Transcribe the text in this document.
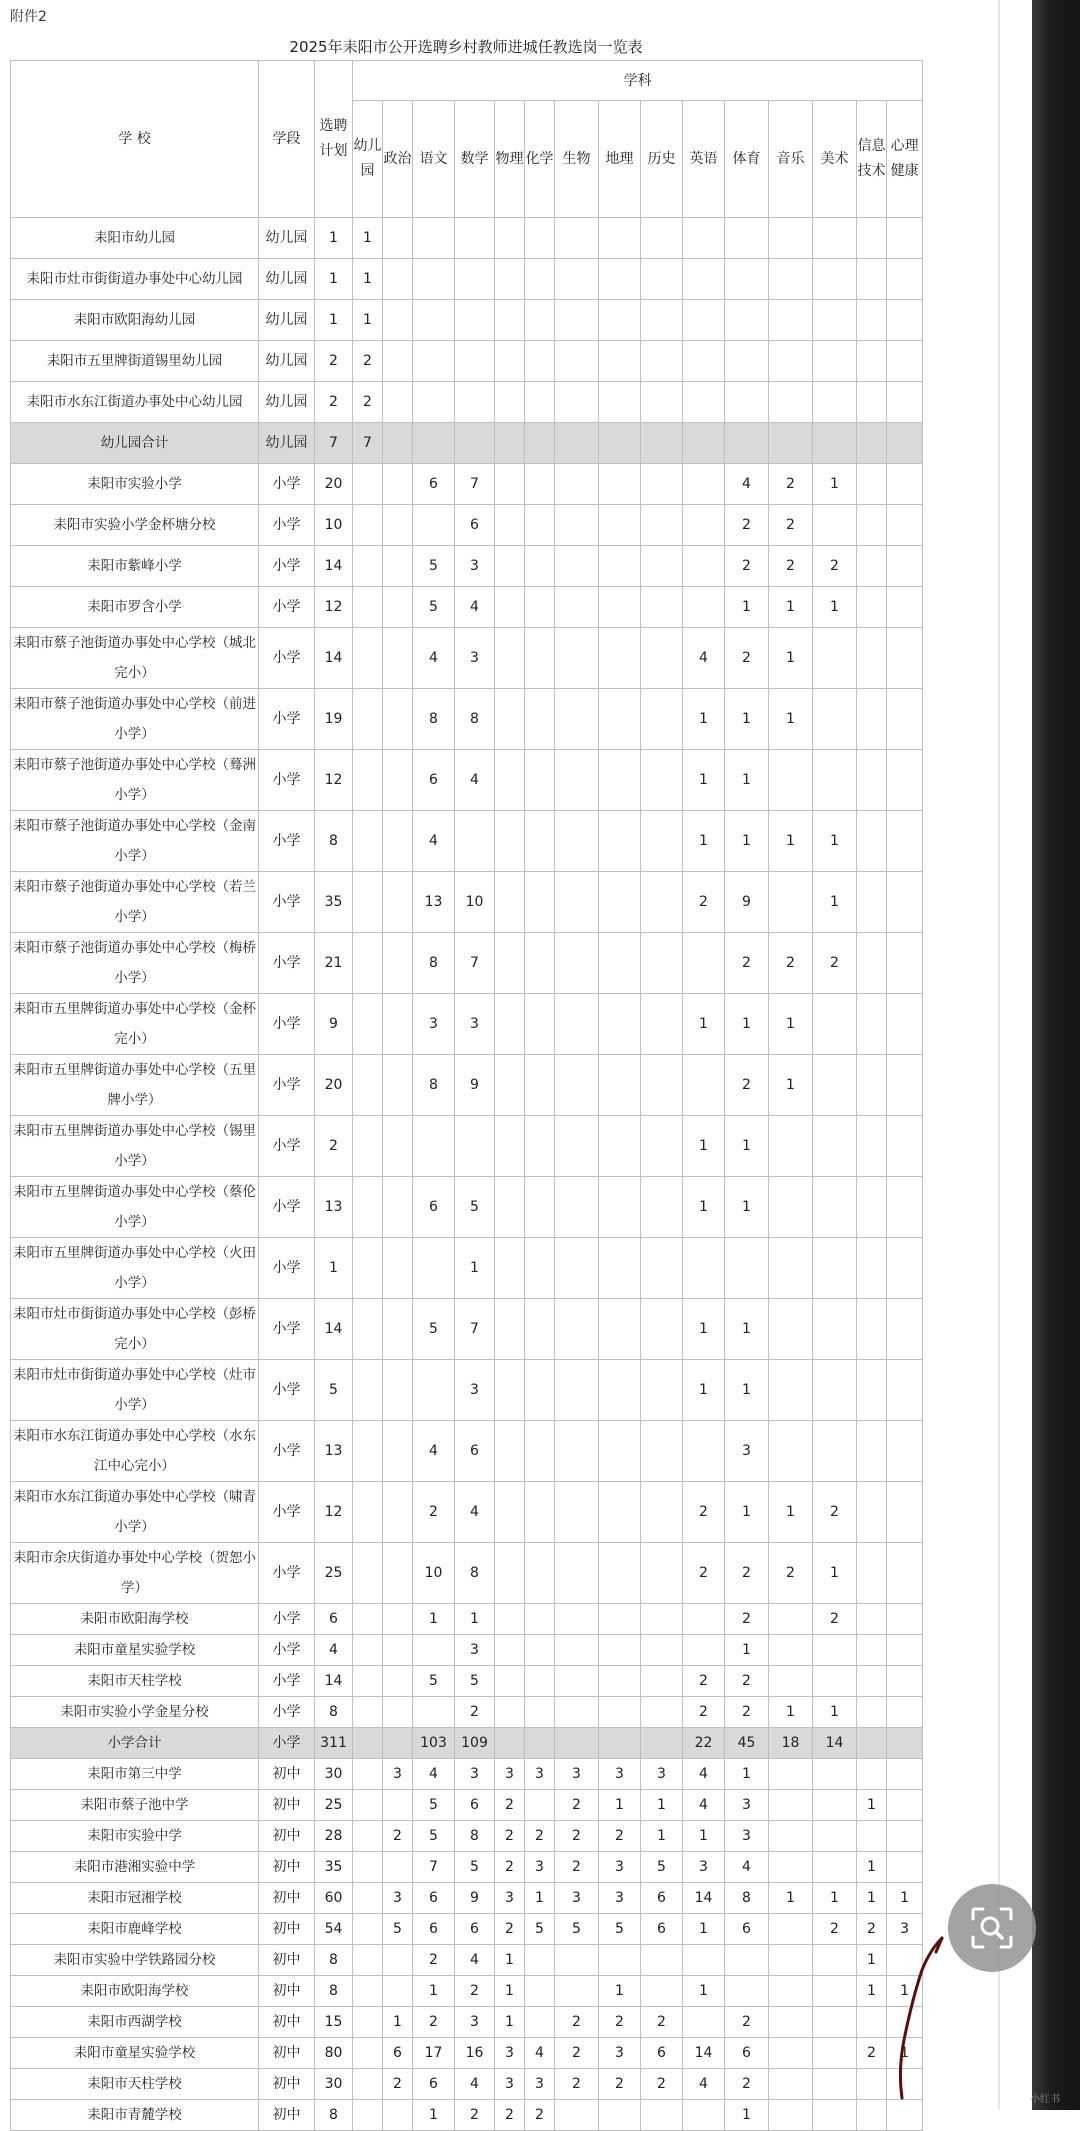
附件2
2025年耒阳市公开选聘乡村教师进城任教选岗一览表
学 校	学段	选聘计划	学科														
			幼儿园	政治	语文	数学	物理	化学	生物	地理	历史	英语	体育	音乐	美术	信息技术	心理健康
耒阳市幼儿园	幼儿园	1	1														
耒阳市灶市街街道办事处中心幼儿园	幼儿园	1	1														
耒阳市欧阳海幼儿园	幼儿园	1	1														
耒阳市五里牌街道锡里幼儿园	幼儿园	2	2														
耒阳市水东江街道办事处中心幼儿园	幼儿园	2	2														
幼儿园合计	幼儿园	7	7														
耒阳市实验小学	小学	20			6	7							4	2	1		
耒阳市实验小学金杯塘分校	小学	10				6							2	2			
耒阳市紫峰小学	小学	14			5	3							2	2	2		
耒阳市罗含小学	小学	12			5	4							1	1	1		
耒阳市蔡子池街道办事处中心学校（城北完小）	小学	14			4	3						4	2	1			
耒阳市蔡子池街道办事处中心学校（前进小学）	小学	19			8	8						1	1	1			
耒阳市蔡子池街道办事处中心学校（蓦洲小学）	小学	12			6	4						1	1				
耒阳市蔡子池街道办事处中心学校（金南小学）	小学	8			4							1	1	1	1		
耒阳市蔡子池街道办事处中心学校（若兰小学）	小学	35			13	10						2	9		1		
耒阳市蔡子池街道办事处中心学校（梅桥小学）	小学	21			8	7							2	2	2		
耒阳市五里牌街道办事处中心学校（金杯完小）	小学	9			3	3						1	1	1			
耒阳市五里牌街道办事处中心学校（五里牌小学）	小学	20			8	9							2	1			
耒阳市五里牌街道办事处中心学校（锡里小学）	小学	2										1	1				
耒阳市五里牌街道办事处中心学校（蔡伦小学）	小学	13			6	5						1	1				
耒阳市五里牌街道办事处中心学校（火田小学）	小学	1				1											
耒阳市灶市街街道办事处中心学校（彭桥完小）	小学	14			5	7						1	1				
耒阳市灶市街街道办事处中心学校（灶市小学）	小学	5				3						1	1				
耒阳市水东江街道办事处中心学校（水东江中心完小）	小学	13			4	6							3				
耒阳市水东江街道办事处中心学校（啸青小学）	小学	12			2	4						2	1	1	2		
耒阳市余庆街道办事处中心学校（贺恕小学）	小学	25			10	8						2	2	2	1		
耒阳市欧阳海学校	小学	6			1	1							2		2		
耒阳市童星实验学校	小学	4				3							1				
耒阳市天柱学校	小学	14			5	5						2	2				
耒阳市实验小学金星分校	小学	8				2						2	2	1	1		
小学合计	小学	311			103	109						22	45	18	14		
耒阳市第三中学	初中	30		3	4	3	3	3	3	3	3	4	1				
耒阳市蔡子池中学	初中	25			5	6	2		2	1	1	4	3			1	
耒阳市实验中学	初中	28		2	5	8	2	2	2	2	1	1	3				
耒阳市港湘实验中学	初中	35			7	5	2	3	2	3	5	3	4			1	
耒阳市冠湘学校	初中	60		3	6	9	3	1	3	3	6	14	8	1	1	1	1
耒阳市鹿峰学校	初中	54		5	6	6	2	5	5	5	6	1	6		2	2	3
耒阳市实验中学铁路园分校	初中	8			2	4	1									1	
耒阳市欧阳海学校	初中	8			1	2	1			1		1				1	1
耒阳市西湖学校	初中	15		1	2	3	1		2	2	2		2				
耒阳市童星实验学校	初中	80		6	17	16	3	4	2	3	6	14	6			2	1
耒阳市天柱学校	初中	30		2	6	4	3	3	2	2	2	4	2				
耒阳市青麓学校	初中	8			1	2	2	2					1				
小红书
